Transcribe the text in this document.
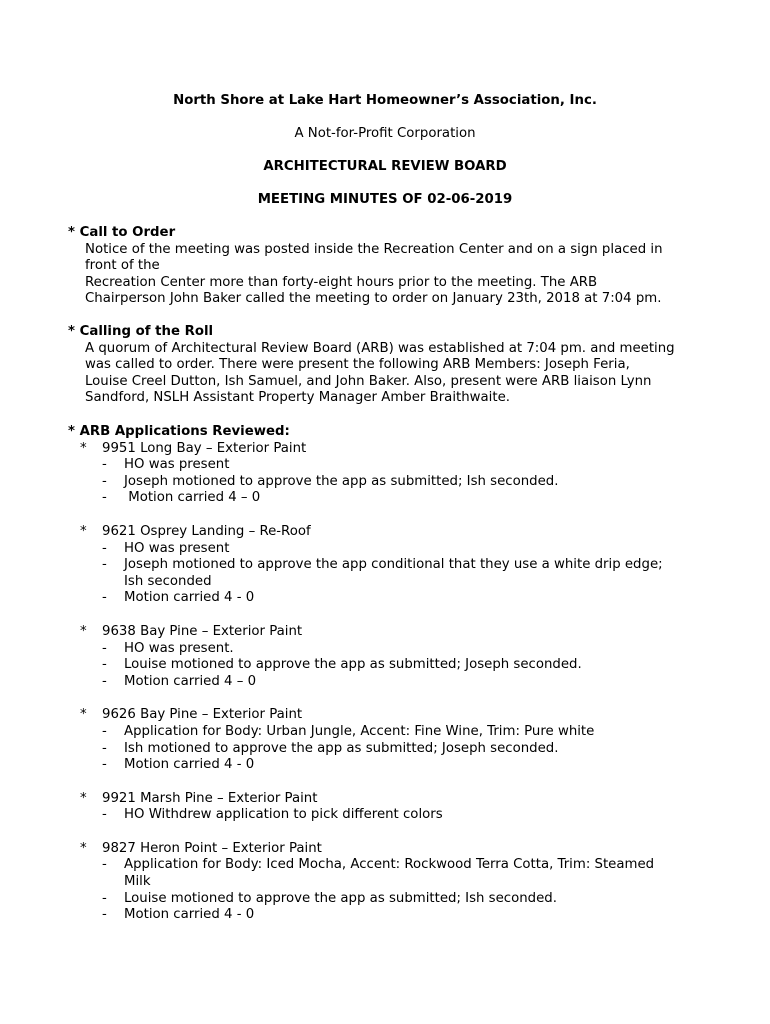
North Shore at Lake Hart Homeowner’s Association, Inc.
A Not-for-Profit Corporation
ARCHITECTURAL REVIEW BOARD
MEETING MINUTES OF 02-06-2019
* Call to Order
Notice of the meeting was posted inside the Recreation Center and on a sign placed in
front of the
Recreation Center more than forty-eight hours prior to the meeting. The ARB
Chairperson John Baker called the meeting to order on January 23th, 2018 at 7:04 pm.
* Calling of the Roll
A quorum of Architectural Review Board (ARB) was established at 7:04 pm. and meeting
was called to order. There were present the following ARB Members: Joseph Feria,
Louise Creel Dutton, Ish Samuel, and John Baker. Also, present were ARB liaison Lynn
Sandford, NSLH Assistant Property Manager Amber Braithwaite.
* ARB Applications Reviewed:
* 9951 Long Bay – Exterior Paint
- HO was present
- Joseph motioned to approve the app as submitted; Ish seconded.
- Motion carried 4 – 0
* 9621 Osprey Landing – Re-Roof
- HO was present
- Joseph motioned to approve the app conditional that they use a white drip edge;
Ish seconded
- Motion carried 4 - 0
* 9638 Bay Pine – Exterior Paint
- HO was present.
- Louise motioned to approve the app as submitted; Joseph seconded.
- Motion carried 4 – 0
* 9626 Bay Pine – Exterior Paint
- Application for Body: Urban Jungle, Accent: Fine Wine, Trim: Pure white
- Ish motioned to approve the app as submitted; Joseph seconded.
- Motion carried 4 - 0
* 9921 Marsh Pine – Exterior Paint
- HO Withdrew application to pick different colors
* 9827 Heron Point – Exterior Paint
- Application for Body: Iced Mocha, Accent: Rockwood Terra Cotta, Trim: Steamed
Milk
- Louise motioned to approve the app as submitted; Ish seconded.
- Motion carried 4 - 0
